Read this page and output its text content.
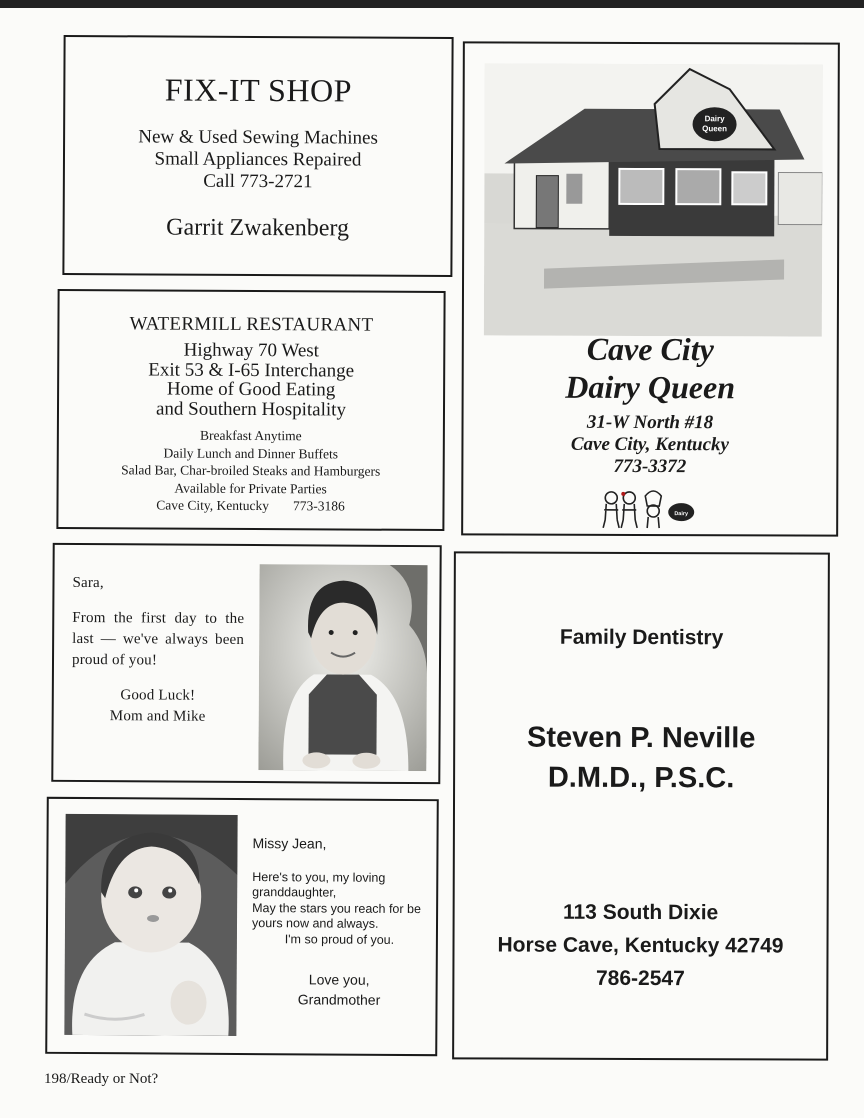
FIX-IT SHOP
New & Used Sewing Machines
Small Appliances Repaired
Call 773-2721
Garrit Zwakenberg
WATERMILL RESTAURANT
Highway 70 West
Exit 53 & I-65 Interchange
Home of Good Eating
and Southern Hospitality
Breakfast Anytime
Daily Lunch and Dinner Buffets
Salad Bar, Char-broiled Steaks and Hamburgers
Available for Private Parties
Cave City, Kentucky 773-3186
Dairy
Queen
Cave City
Dairy Queen
31-W North #18
Cave City, Kentucky
773-3372
Dairy

Sara,

From the first day to the last — we've always been proud of you!

Good Luck!
Mom and Mike
Missy Jean,
Here's to you, my loving granddaughter,
May the stars you reach for be yours now and always.
I'm so proud of you.
Love you,
Grandmother
Family Dentistry
Steven P. Neville
D.M.D., P.S.C.
113 South Dixie
Horse Cave, Kentucky 42749
786-2547
198/Ready or Not?
